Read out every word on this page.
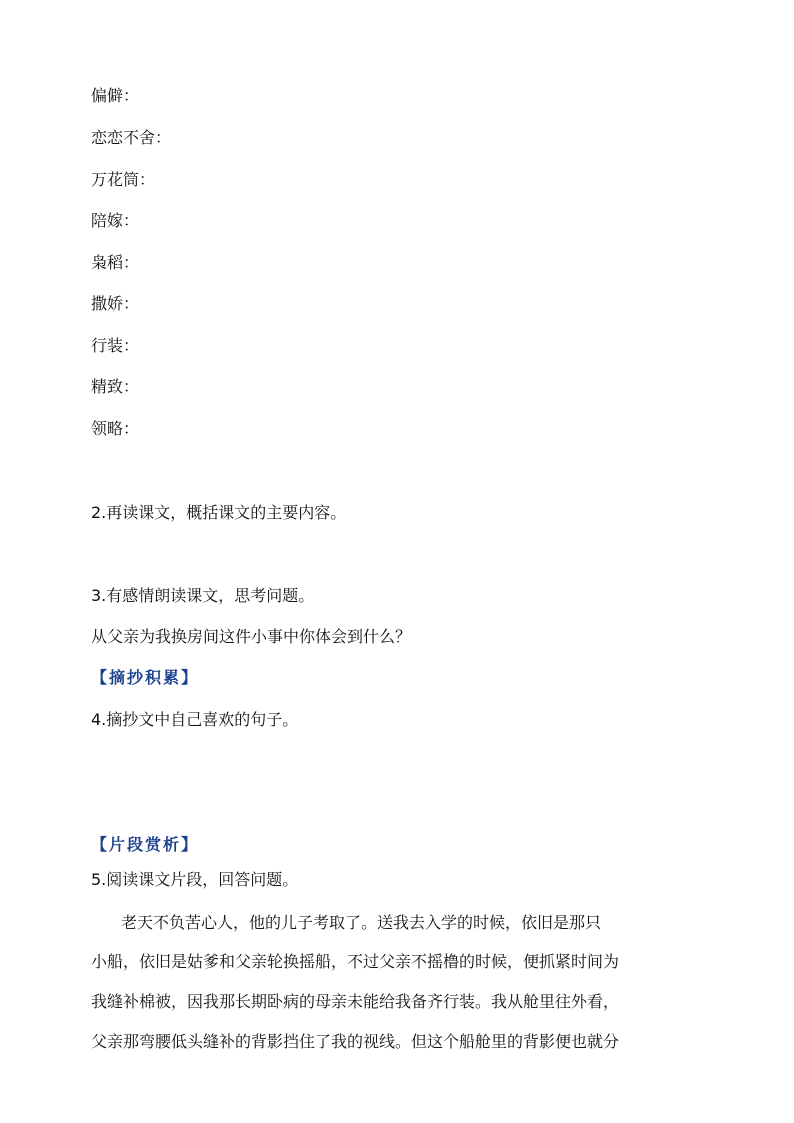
偏僻：
恋恋不舍：
万花筒：
陪嫁：
枭稻：
撒娇：
行装：
精致：
领略：
2.再读课文，概括课文的主要内容。
3.有感情朗读课文，思考问题。
从父亲为我换房间这件小事中你体会到什么？
【摘抄积累】
4.摘抄文中自己喜欢的句子。
【片段赏析】
5.阅读课文片段，回答问题。
老天不负苦心人，他的儿子考取了。送我去入学的时候，依旧是那只
小船，依旧是姑爹和父亲轮换摇船，不过父亲不摇橹的时候，便抓紧时间为
我缝补棉被，因我那长期卧病的母亲未能给我备齐行装。我从舱里往外看，
父亲那弯腰低头缝补的背影挡住了我的视线。但这个船舱里的背影便也就分
